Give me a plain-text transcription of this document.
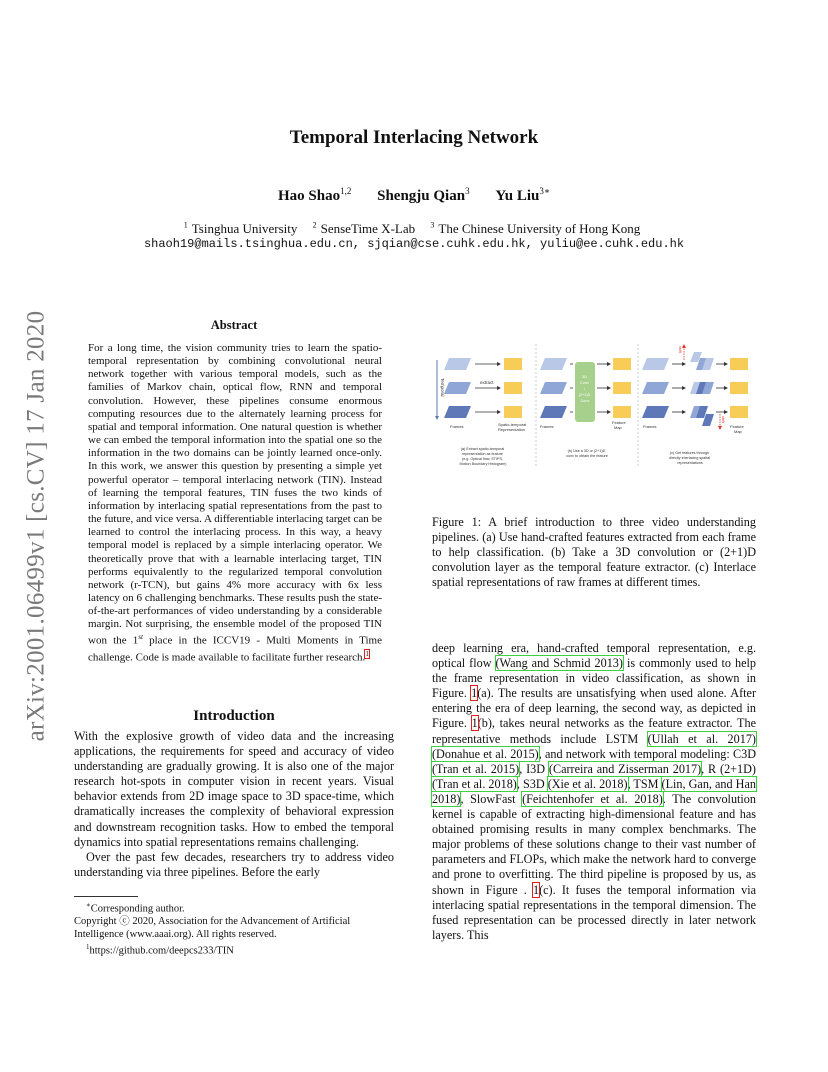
arXiv:2001.06499v1 [cs.CV] 17 Jan 2020
Temporal Interlacing Network
Hao Shao$^{1,2}$ Shengju Qian$^3$ Yu Liu$^{3∗}$
$^1$ Tsinghua University $^2$ SenseTime X-Lab $^3$ The Chinese University of Hong Kong
shaoh19@mails.tsinghua.edu.cn, sjqian@cse.cuhk.edu.hk, yuliu@ee.cuhk.edu.hk
Abstract
For a long time, the vision community tries to learn the spatio-temporal representation by combining convolutional neural network together with various temporal models, such as the families of Markov chain, optical flow, RNN and temporal convolution. However, these pipelines consume enormous computing resources due to the alternately learning process for spatial and temporal information. One natural question is whether we can embed the temporal information into the spatial one so the information in the two domains can be jointly learned once-only. In this work, we answer this question by presenting a simple yet powerful operator – temporal interlacing network (TIN). Instead of learning the temporal features, TIN fuses the two kinds of information by interlacing spatial representations from the past to the future, and vice versa. A differentiable interlacing target can be learned to control the interlacing process. In this way, a heavy temporal model is replaced by a simple interlacing operator. We theoretically prove that with a learnable interlacing target, TIN performs equivalently to the regularized temporal convolution network (r-TCN), but gains 4% more accuracy with 6x less latency on 6 challenging benchmarks. These results push the state-of-the-art performances of video understanding by a considerable margin. Not surprising, the ensemble model of the proposed TIN won the 1st place in the ICCV19 - Multi Moments in Time challenge. Code is made available to facilitate further research.$^1$
Introduction

With the explosive growth of video data and the increasing applications, the requirements for speed and accuracy of video understanding are gradually growing. It is also one of the major research hot-spots in computer vision in recent years. Visual behavior extends from 2D image space to 3D space-time, which dramatically increases the complexity of behavioral expression and downstream recognition tasks. How to embed the temporal dynamics into spatial representations remains challenging.

Over the past few decades, researchers try to address video understanding via three pipelines. Before the early

∗Corresponding author.
Copyright ⓒ 2020, Association for the Advancement of Artificial Intelligence (www.aaai.org). All rights reserved.
$^1$https://github.com/deepcs233/TIN
Temporal	extract
Frames	Spatio-temporal
Representation
(a) Extract spatio-temporal representation as feature (e.g. Optical flow, STIPS, Motion Boundary Histogram)
3D Conv / (2+1)D Conv
Frames
Feature
Map
(b) Use a 3D or (2+1)D conv to obtain the feature
shift
shift
Frames	Feature
Map
(c) Get features through directly interlacing spatial representations
Figure 1: A brief introduction to three video understanding pipelines. (a) Use hand-crafted features extracted from each frame to help classification. (b) Take a 3D convolution or (2+1)D convolution layer as the temporal feature extractor. (c) Interlace spatial representations of raw frames at different times.
deep learning era, hand-crafted temporal representation, e.g. optical flow (Wang and Schmid 2013) is commonly used to help the frame representation in video classification, as shown in Figure. 1(a). The results are unsatisfying when used alone. After entering the era of deep learning, the second way, as depicted in Figure. 1(b), takes neural networks as the feature extractor. The representative methods include LSTM (Ullah et al. 2017) (Donahue et al. 2015), and network with temporal modeling: C3D (Tran et al. 2015), I3D (Carreira and Zisserman 2017), R (2+1D) (Tran et al. 2018), S3D (Xie et al. 2018), TSM (Lin, Gan, and Han 2018), SlowFast (Feichtenhofer et al. 2018). The convolution kernel is capable of extracting high-dimensional feature and has obtained promising results in many complex benchmarks. The major problems of these solutions change to their vast number of parameters and FLOPs, which make the network hard to converge and prone to overfitting. The third pipeline is proposed by us, as shown in Figure . 1(c). It fuses the temporal information via interlacing spatial representations in the temporal dimension. The fused representation can be processed directly in later network layers. This
